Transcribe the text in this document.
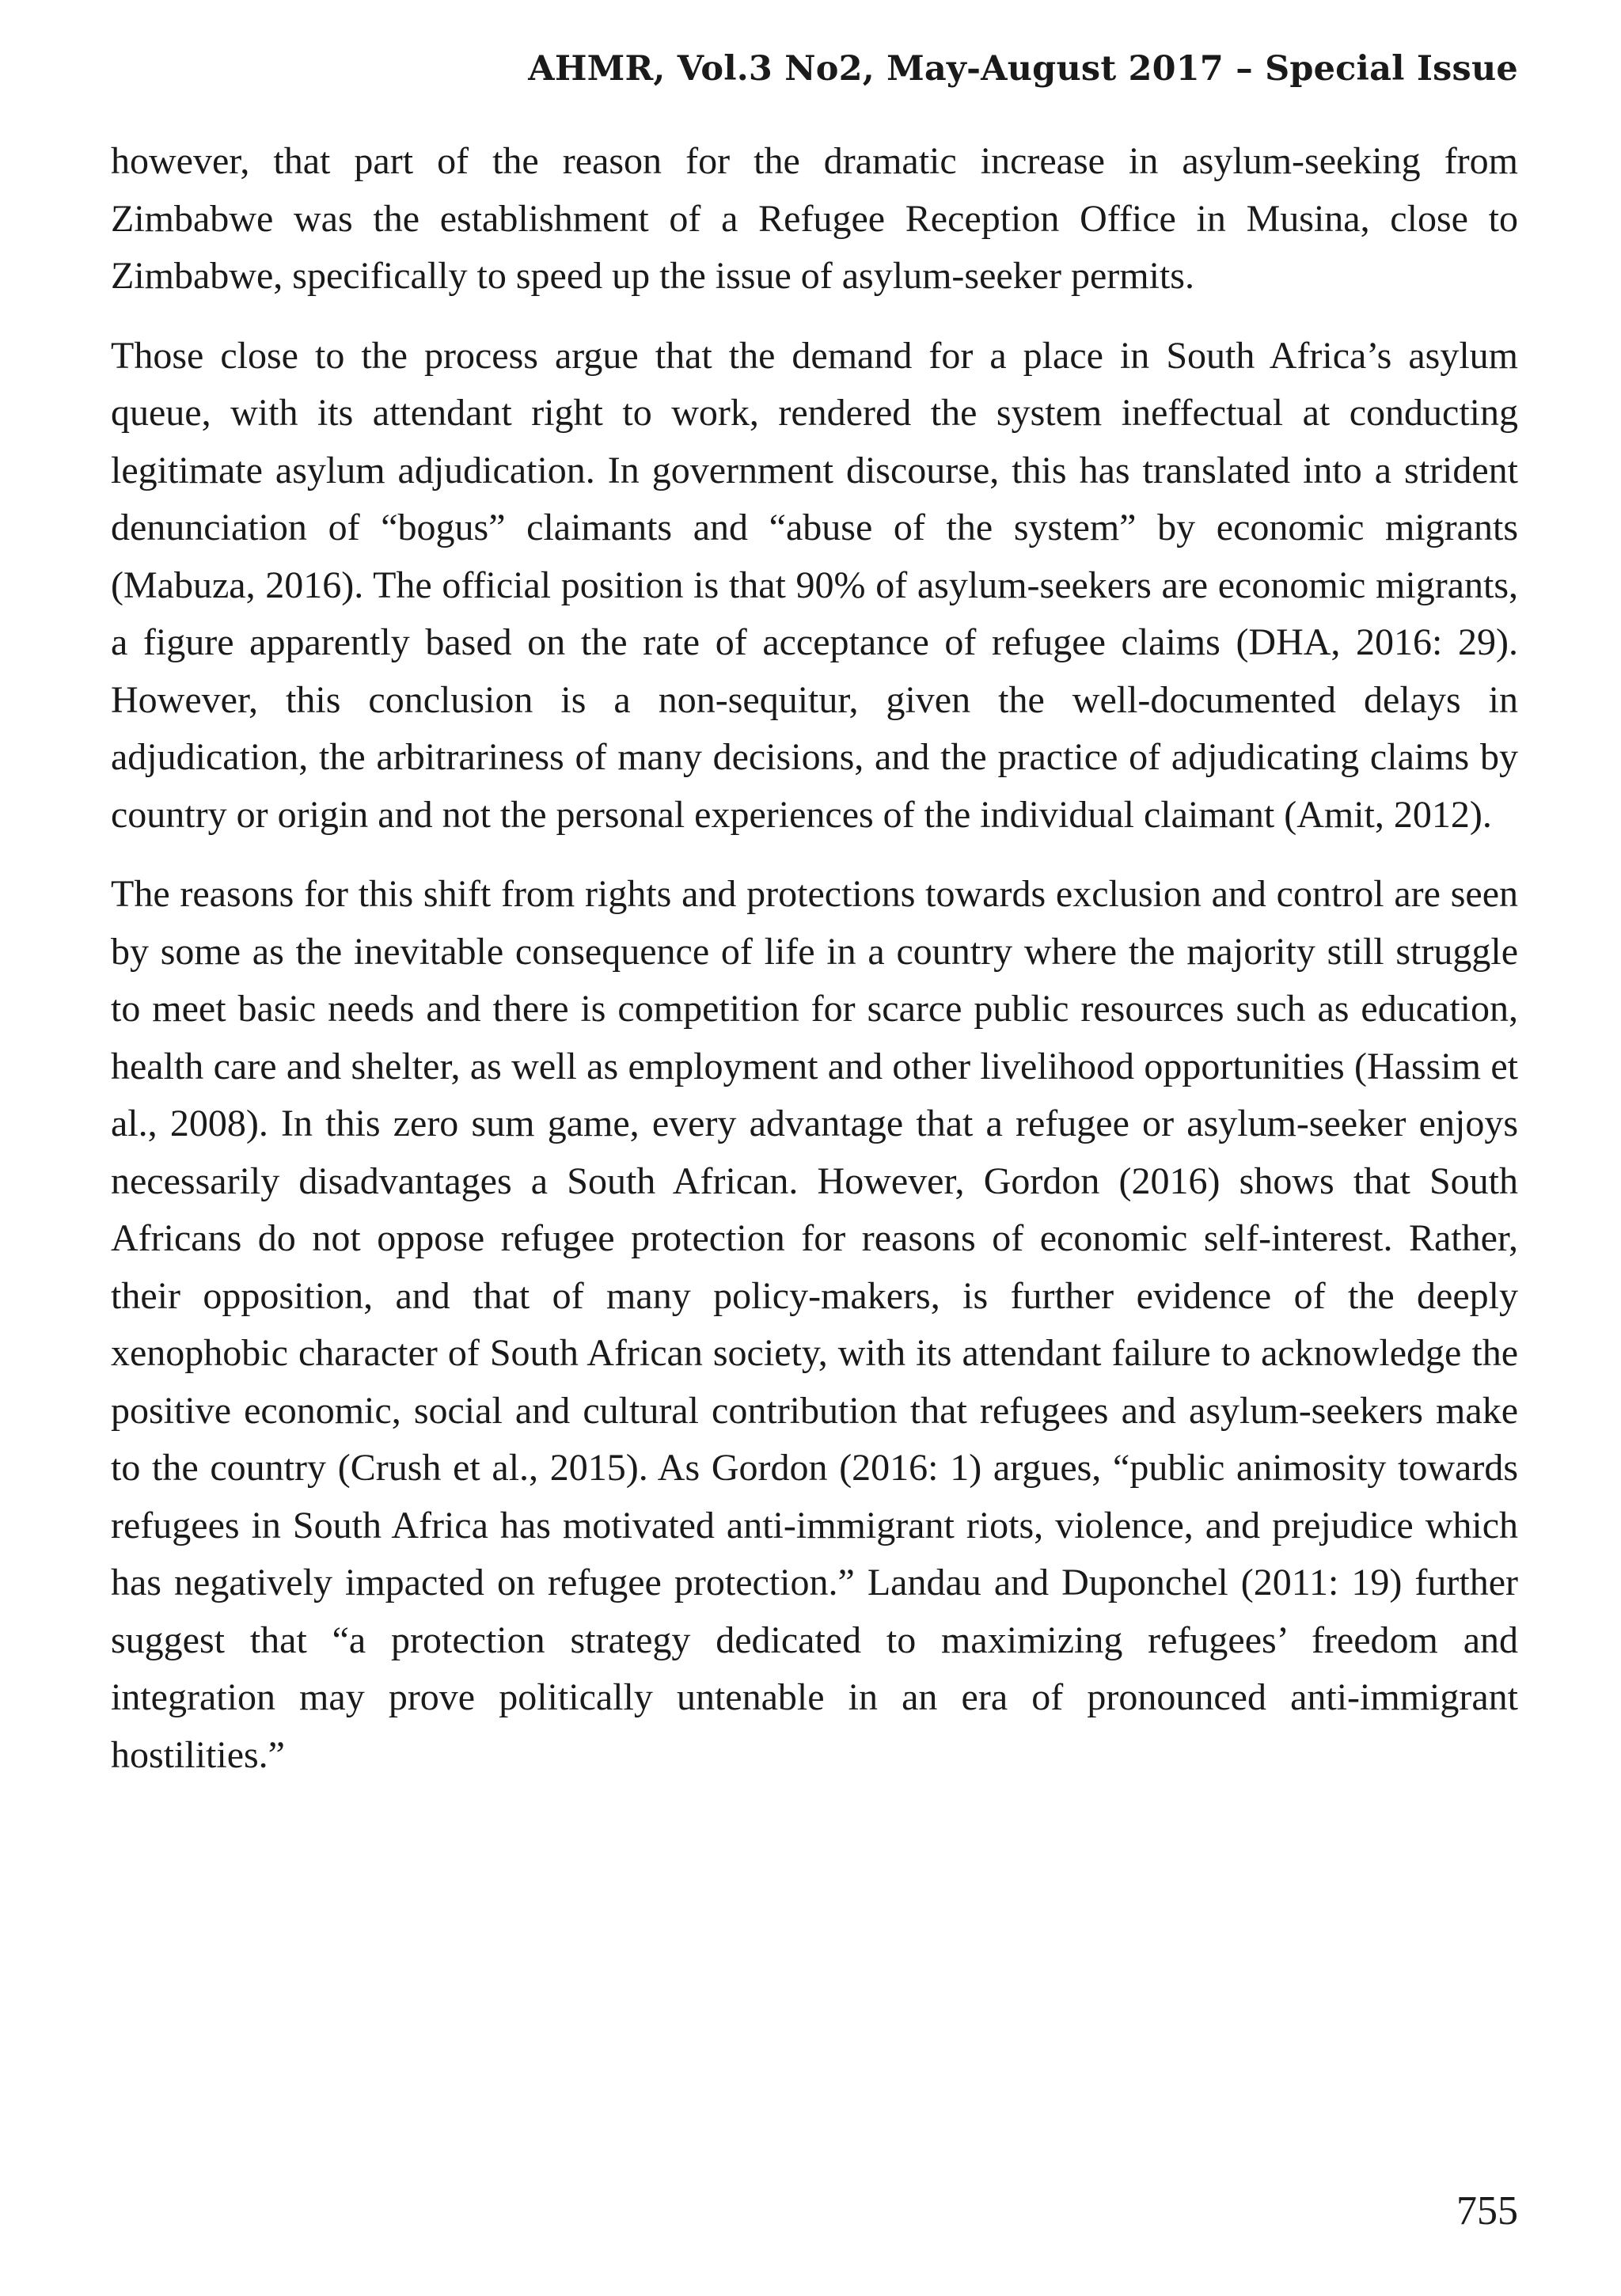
AHMR, Vol.3 No2, May-August 2017 – Special Issue

however, that part of the reason for the dramatic increase in asylum-seeking from Zimbabwe was the establishment of a Refugee Reception Office in Musina, close to Zimbabwe, specifically to speed up the issue of asylum-seeker permits.

Those close to the process argue that the demand for a place in South Africa’s asylum queue, with its attendant right to work, rendered the system ineffectual at conducting legitimate asylum adjudication. In government discourse, this has translated into a strident denunciation of “bogus” claimants and “abuse of the system” by economic migrants (Mabuza, 2016). The official position is that 90% of asylum-seekers are economic migrants, a figure apparently based on the rate of acceptance of refugee claims (DHA, 2016: 29). However, this conclusion is a non-sequitur, given the well-documented delays in adjudication, the arbitrariness of many decisions, and the practice of adjudicating claims by country or origin and not the personal experiences of the individual claimant (Amit, 2012).

The reasons for this shift from rights and protections towards exclusion and control are seen by some as the inevitable consequence of life in a country where the majority still struggle to meet basic needs and there is competition for scarce public resources such as education, health care and shelter, as well as employment and other livelihood opportunities (Hassim et al., 2008). In this zero sum game, every advantage that a refugee or asylum-seeker enjoys necessarily disadvantages a South African. However, Gordon (2016) shows that South Africans do not oppose refugee protection for reasons of economic self-interest. Rather, their opposition, and that of many policy-makers, is further evidence of the deeply xenophobic character of South African society, with its attendant failure to acknowledge the positive economic, social and cultural contribution that refugees and asylum-seekers make to the country (Crush et al., 2015). As Gordon (2016: 1) argues, “public animosity towards refugees in South Africa has motivated anti-immigrant riots, violence, and prejudice which has negatively impacted on refugee protection.” Landau and Duponchel (2011: 19) further suggest that “a protection strategy dedicated to maximizing refugees’ freedom and integration may prove politically untenable in an era of pronounced anti-immigrant hostilities.”

755
